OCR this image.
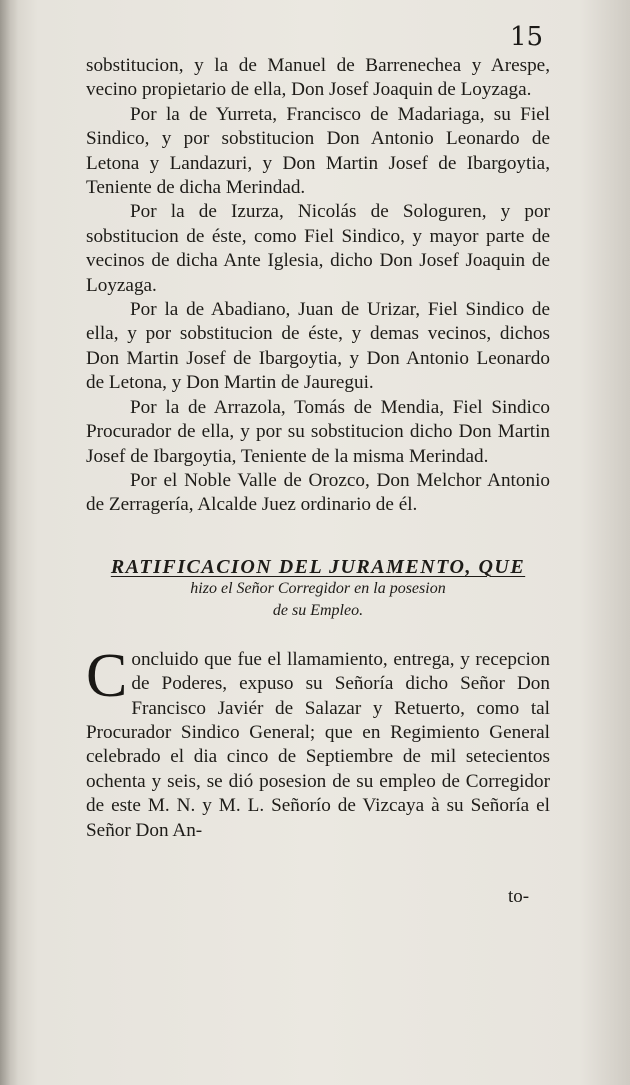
15

sobstitucion, y la de Manuel de Barrenechea y Arespe, vecino propietario de ella, Don Josef Joaquin de Loyzaga.

Por la de Yurreta, Francisco de Madariaga, su Fiel Sindico, y por sobstitucion Don Antonio Leonardo de Letona y Landazuri, y Don Martin Josef de Ibargoytia, Teniente de dicha Merindad.

Por la de Izurza, Nicolás de Sologuren, y por sobstitucion de éste, como Fiel Sindico, y mayor parte de vecinos de dicha Ante Iglesia, dicho Don Josef Joaquin de Loyzaga.

Por la de Abadiano, Juan de Urizar, Fiel Sindico de ella, y por sobstitucion de éste, y demas vecinos, dichos Don Martin Josef de Ibargoytia, y Don Antonio Leonardo de Letona, y Don Martin de Jauregui.

Por la de Arrazola, Tomás de Mendia, Fiel Sindico Procurador de ella, y por su sobstitucion dicho Don Martin Josef de Ibargoytia, Teniente de la misma Merindad.

Por el Noble Valle de Orozco, Don Melchor Antonio de Zerragería, Alcalde Juez ordinario de él.

RATIFICACION DEL JURAMENTO, QUE

hizo el Señor Corregidor en la posesion

de su Empleo.

C oncluido que fue el llamamiento, entrega, y recepcion de Poderes, expuso su Señoría dicho Señor Don Francisco Javiér de Salazar y Retuerto, como tal Procurador Sindico General; que en Regimiento General celebrado el dia cinco de Septiembre de mil setecientos ochenta y seis, se dió posesion de su empleo de Corregidor de este M. N. y M. L. Señorío de Vizcaya à su Señoría el Señor Don An-

to-
